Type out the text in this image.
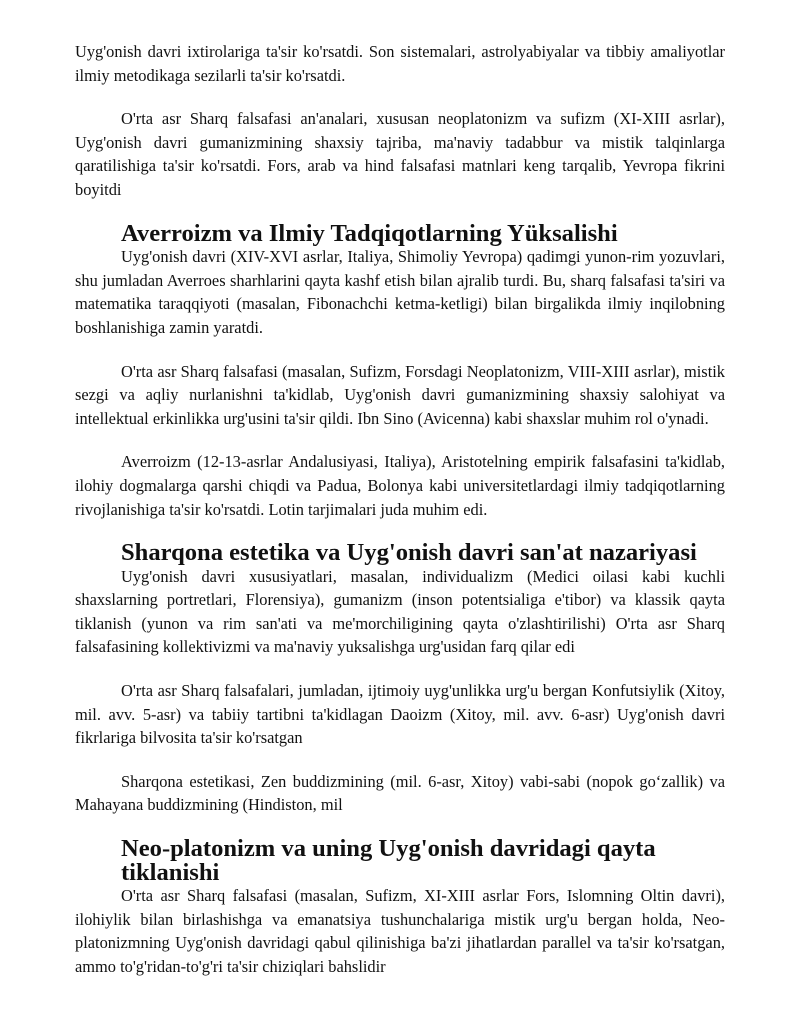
Uyg'onish davri ixtirolariga ta'sir ko'rsatdi. Son sistemalari, astrolyabiyalar va tibbiy amaliyotlar ilmiy metodikaga sezilarli ta'sir ko'rsatdi.

O'rta asr Sharq falsafasi an'analari, xususan neoplatonizm va sufizm (XI-XIII asrlar), Uyg'onish davri gumanizmining shaxsiy tajriba, ma'naviy tadabbur va mistik talqinlarga qaratilishiga ta'sir ko'rsatdi. Fors, arab va hind falsafasi matnlari keng tarqalib, Yevropa fikrini boyitdi

Averroizm va Ilmiy Tadqiqotlarning Yüksalishi

Uyg'onish davri (XIV-XVI asrlar, Italiya, Shimoliy Yevropa) qadimgi yunon-rim yozuvlari, shu jumladan Averroes sharhlarini qayta kashf etish bilan ajralib turdi. Bu, sharq falsafasi ta'siri va matematika taraqqiyoti (masalan, Fibonachchi ketma-ketligi) bilan birgalikda ilmiy inqilobning boshlanishiga zamin yaratdi.

O'rta asr Sharq falsafasi (masalan, Sufizm, Forsdagi Neoplatonizm, VIII-XIII asrlar), mistik sezgi va aqliy nurlanishni ta'kidlab, Uyg'onish davri gumanizmining shaxsiy salohiyat va intellektual erkinlikka urg'usini ta'sir qildi. Ibn Sino (Avicenna) kabi shaxslar muhim rol o'ynadi.

Averroizm (12-13-asrlar Andalusiyasi, Italiya), Aristotelning empirik falsafasini ta'kidlab, ilohiy dogmalarga qarshi chiqdi va Padua, Bolonya kabi universitetlardagi ilmiy tadqiqotlarning rivojlanishiga ta'sir ko'rsatdi. Lotin tarjimalari juda muhim edi.

Sharqona estetika va Uyg'onish davri san'at nazariyasi

Uyg'onish davri xususiyatlari, masalan, individualizm (Medici oilasi kabi kuchli shaxslarning portretlari, Florensiya), gumanizm (inson potentsialiga e'tibor) va klassik qayta tiklanish (yunon va rim san'ati va me'morchiligining qayta o'zlashtirilishi) O'rta asr Sharq falsafasining kollektivizmi va ma'naviy yuksalishga urg'usidan farq qilar edi

O'rta asr Sharq falsafalari, jumladan, ijtimoiy uyg'unlikka urg'u bergan Konfutsiylik (Xitoy, mil. avv. 5-asr) va tabiiy tartibni ta'kidlagan Daoizm (Xitoy, mil. avv. 6-asr) Uyg'onish davri fikrlariga bilvosita ta'sir ko'rsatgan

Sharqona estetikasi, Zen buddizmining (mil. 6-asr, Xitoy) vabi-sabi (nopok go‘zallik) va Mahayana buddizmining (Hindiston, mil

Neo-platonizm va uning Uyg'onish davridagi qayta tiklanishi

O'rta asr Sharq falsafasi (masalan, Sufizm, XI-XIII asrlar Fors, Islomning Oltin davri), ilohiylik bilan birlashishga va emanatsiya tushunchalariga mistik urg'u bergan holda, Neo-platonizmning Uyg'onish davridagi qabul qilinishiga ba'zi jihatlardan parallel va ta'sir ko'rsatgan, ammo to'g'ridan-to'g'ri ta'sir chiziqlari bahslidir
